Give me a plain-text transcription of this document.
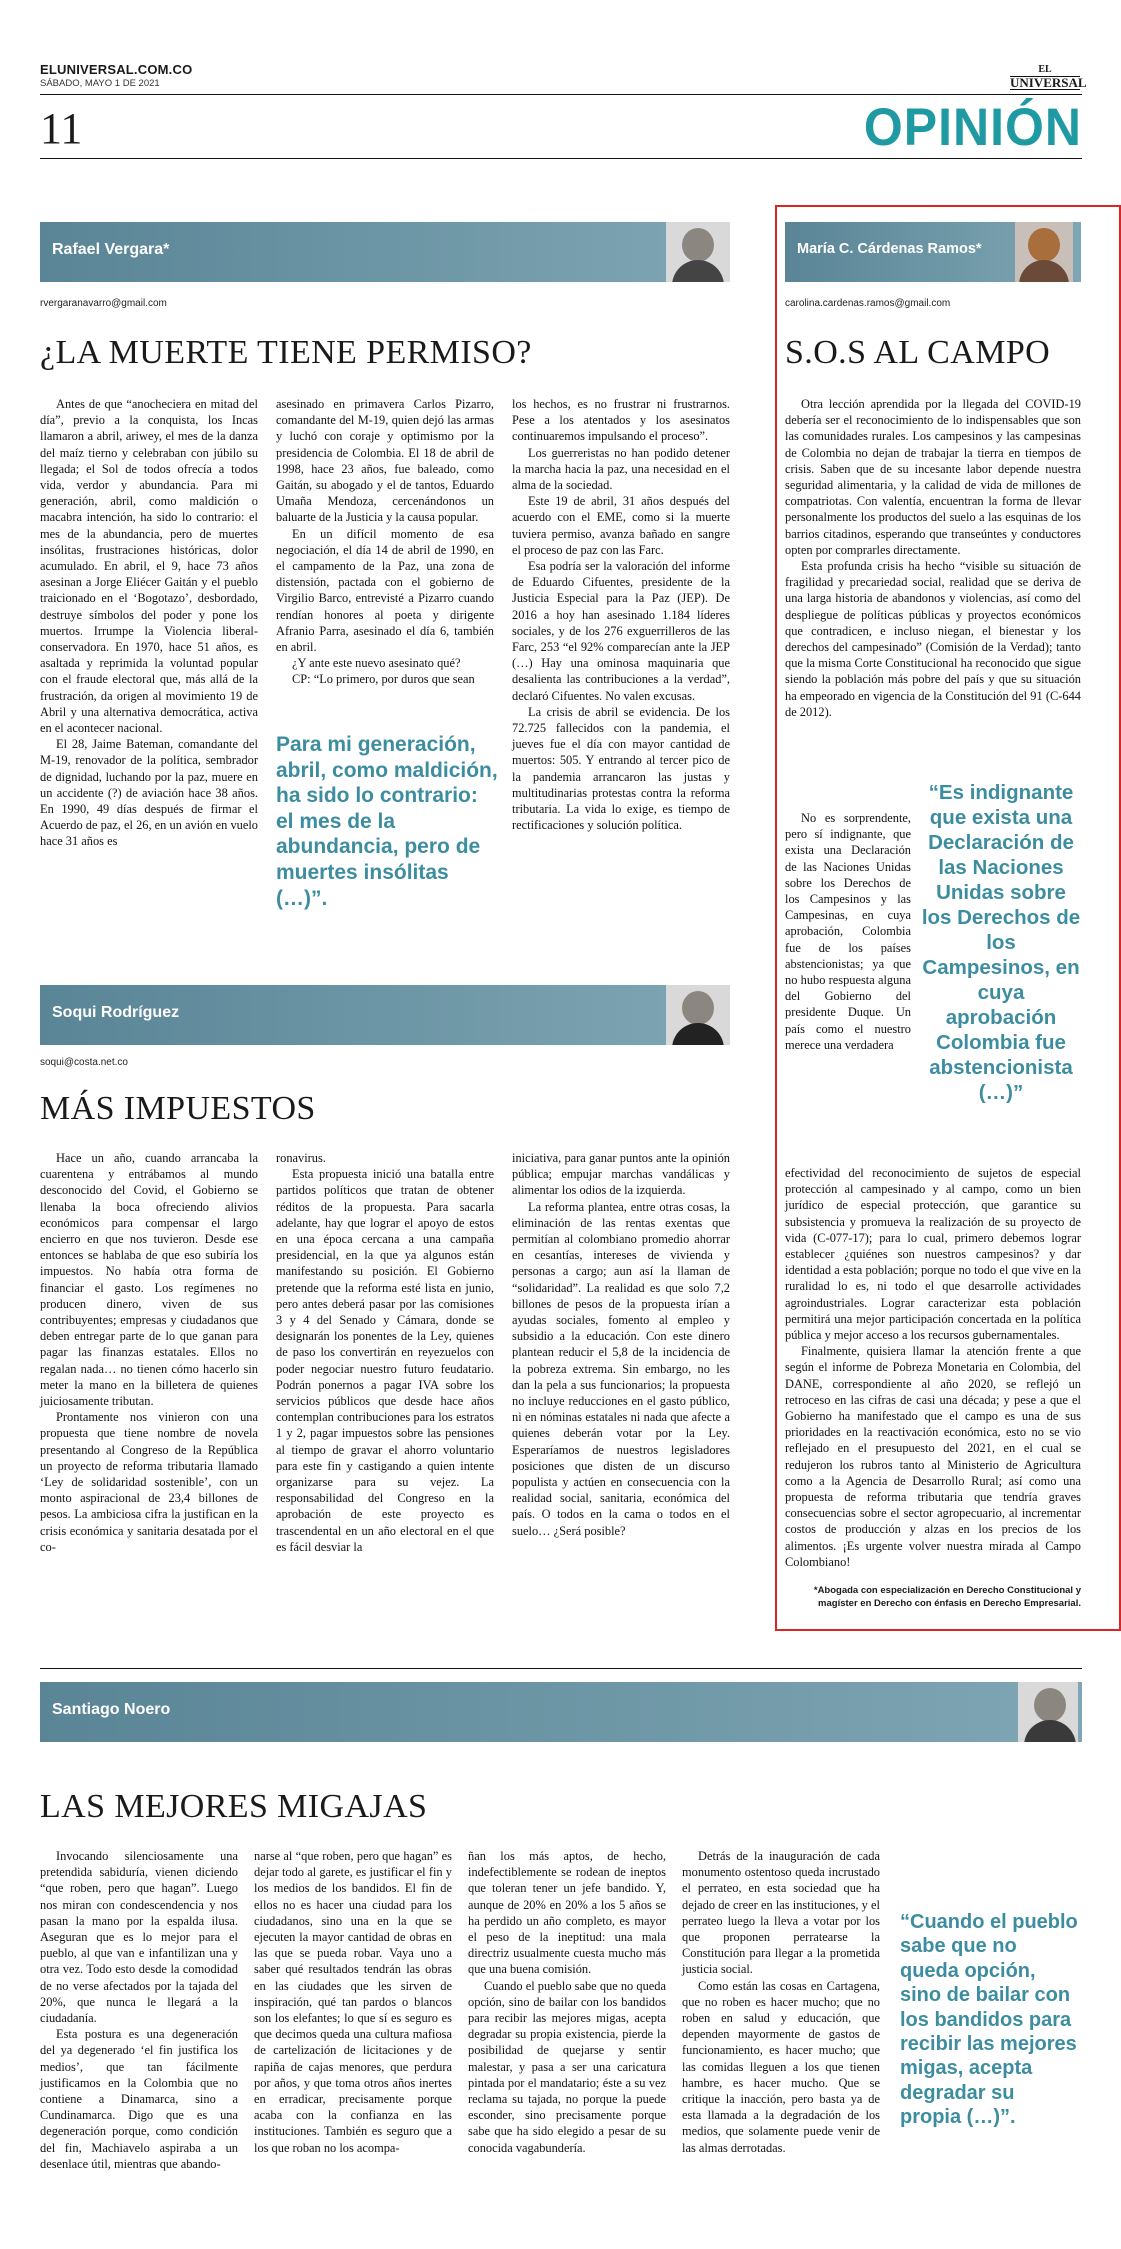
ELUNIVERSAL.COM.CO
SÁBADO, MAYO 1 DE 2021
EL
UNIVERSAL
11	OPINIÓN
Rafael Vergara*
rvergaranavarro@gmail.com
¿LA MUERTE TIENE PERMISO?

Antes de que “anocheciera en mitad del día”, previo a la conquista, los Incas llamaron a abril, ariwey, el mes de la danza del maíz tierno y celebraban con júbilo su llegada; el Sol de todos ofrecía a todos vida, verdor y abundancia. Para mi generación, abril, como maldición o macabra intención, ha sido lo contrario: el mes de la abundancia, pero de muertes insólitas, frustraciones históricas, dolor acumulado. En abril, el 9, hace 73 años asesinan a Jorge Eliécer Gaitán y el pueblo traicionado en el ‘Bogotazo’, desbordado, destruye símbolos del poder y pone los muertos. Irrumpe la Violencia liberal-conservadora. En 1970, hace 51 años, es asaltada y reprimida la voluntad popular con el fraude electoral que, más allá de la frustración, da origen al movimiento 19 de Abril y una alternativa democrática, activa en el acontecer nacional.

El 28, Jaime Bateman, comandante del M-19, renovador de la política, sembrador de dignidad, luchando por la paz, muere en un accidente (?) de aviación hace 38 años. En 1990, 49 días después de firmar el Acuerdo de paz, el 26, en un avión en vuelo hace 31 años es

asesinado en primavera Carlos Pizarro, comandante del M-19, quien dejó las armas y luchó con coraje y optimismo por la presidencia de Colombia. El 18 de abril de 1998, hace 23 años, fue baleado, como Gaitán, su abogado y el de tantos, Eduardo Umaña Mendoza, cercenándonos un baluarte de la Justicia y la causa popular.

En un difícil momento de esa negociación, el día 14 de abril de 1990, en el campamento de la Paz, una zona de distensión, pactada con el gobierno de Virgilio Barco, entrevisté a Pizarro cuando rendían honores al poeta y dirigente Afranio Parra, asesinado el día 6, también en abril.

¿Y ante este nuevo asesinato qué?

CP: “Lo primero, por duros que sean

Para mi generación, abril, como maldición, ha sido lo contrario: el mes de la abundancia, pero de muertes insólitas (…)”.

los hechos, es no frustrar ni frustrarnos. Pese a los atentados y los asesinatos continuaremos impulsando el proceso”.

Los guerreristas no han podido detener la marcha hacia la paz, una necesidad en el alma de la sociedad.

Este 19 de abril, 31 años después del acuerdo con el EME, como si la muerte tuviera permiso, avanza bañado en sangre el proceso de paz con las Farc.

Esa podría ser la valoración del informe de Eduardo Cifuentes, presidente de la Justicia Especial para la Paz (JEP). De 2016 a hoy han asesinado 1.184 líderes sociales, y de los 276 exguerrilleros de las Farc, 253 “el 92% comparecían ante la JEP (…) Hay una ominosa maquinaria que desalienta las contribuciones a la verdad”, declaró Cifuentes. No valen excusas.

La crisis de abril se evidencia. De los 72.725 fallecidos con la pandemia, el jueves fue el día con mayor cantidad de muertos: 505. Y entrando al tercer pico de la pandemia arrancaron las justas y multitudinarias protestas contra la reforma tributaria. La vida lo exige, es tiempo de rectificaciones y solución política.

Soqui Rodríguez
soqui@costa.net.co
MÁS IMPUESTOS

Hace un año, cuando arrancaba la cuarentena y entrábamos al mundo desconocido del Covid, el Gobierno se llenaba la boca ofreciendo alivios económicos para compensar el largo encierro en que nos tuvieron. Desde ese entonces se hablaba de que eso subiría los impuestos. No había otra forma de financiar el gasto. Los regímenes no producen dinero, viven de sus contribuyentes; empresas y ciudadanos que deben entregar parte de lo que ganan para pagar las finanzas estatales. Ellos no regalan nada… no tienen cómo hacerlo sin meter la mano en la billetera de quienes juiciosamente tributan.

Prontamente nos vinieron con una propuesta que tiene nombre de novela presentando al Congreso de la República un proyecto de reforma tributaria llamado ‘Ley de solidaridad sostenible’, con un monto aspiracional de 23,4 billones de pesos. La ambiciosa cifra la justifican en la crisis económica y sanitaria desatada por el co-

ronavirus.

Esta propuesta inició una batalla entre partidos políticos que tratan de obtener réditos de la propuesta. Para sacarla adelante, hay que lograr el apoyo de estos en una época cercana a una campaña presidencial, en la que ya algunos están manifestando su posición. El Gobierno pretende que la reforma esté lista en junio, pero antes deberá pasar por las comisiones 3 y 4 del Senado y Cámara, donde se designarán los ponentes de la Ley, quienes de paso los convertirán en reyezuelos con poder negociar nuestro futuro feudatario. Podrán ponernos a pagar IVA sobre los servicios públicos que desde hace años contemplan contribuciones para los estratos 1 y 2, pagar impuestos sobre las pensiones al tiempo de gravar el ahorro voluntario para este fin y castigando a quien intente organizarse para su vejez. La responsabilidad del Congreso en la aprobación de este proyecto es trascendental en un año electoral en el que es fácil desviar la

iniciativa, para ganar puntos ante la opinión pública; empujar marchas vandálicas y alimentar los odios de la izquierda.

La reforma plantea, entre otras cosas, la eliminación de las rentas exentas que permitían al colombiano promedio ahorrar en cesantías, intereses de vivienda y personas a cargo; aun así la llaman de “solidaridad”. La realidad es que solo 7,2 billones de pesos de la propuesta irían a ayudas sociales, fomento al empleo y subsidio a la educación. Con este dinero plantean reducir el 5,8 de la incidencia de la pobreza extrema. Sin embargo, no les dan la pela a sus funcionarios; la propuesta no incluye reducciones en el gasto público, ni en nóminas estatales ni nada que afecte a quienes deberán votar por la Ley. Esperaríamos de nuestros legisladores posiciones que disten de un discurso populista y actúen en consecuencia con la realidad social, sanitaria, económica del país. O todos en la cama o todos en el suelo… ¿Será posible?

María C. Cárdenas Ramos*
carolina.cardenas.ramos@gmail.com
S.O.S AL CAMPO

Otra lección aprendida por la llegada del COVID-19 debería ser el reconocimiento de lo indispensables que son las comunidades rurales. Los campesinos y las campesinas de Colombia no dejan de trabajar la tierra en tiempos de crisis. Saben que de su incesante labor depende nuestra seguridad alimentaria, y la calidad de vida de millones de compatriotas. Con valentía, encuentran la forma de llevar personalmente los productos del suelo a las esquinas de los barrios citadinos, esperando que transeúntes y conductores opten por comprarles directamente.

Esta profunda crisis ha hecho “visible su situación de fragilidad y precariedad social, realidad que se deriva de una larga historia de abandonos y violencias, así como del despliegue de políticas públicas y proyectos económicos que contradicen, e incluso niegan, el bienestar y los derechos del campesinado” (Comisión de la Verdad); tanto que la misma Corte Constitucional ha reconocido que sigue siendo la población más pobre del país y que su situación ha empeorado en vigencia de la Constitución del 91 (C-644 de 2012).

No es sorprendente, pero sí indignante, que exista una Declaración de las Naciones Unidas sobre los Derechos de los Campesinos y las Campesinas, en cuya aprobación, Colombia fue de los países abstencionistas; ya que no hubo respuesta alguna del Gobierno del presidente Duque. Un país como el nuestro merece una verdadera

“Es indignante que exista una Declaración de las Naciones Unidas sobre los Derechos de los Campesinos, en cuya aprobación Colombia fue abstencionista (…)”

efectividad del reconocimiento de sujetos de especial protección al campesinado y al campo, como un bien jurídico de especial protección, que garantice su subsistencia y promueva la realización de su proyecto de vida (C-077-17); para lo cual, primero debemos lograr establecer ¿quiénes son nuestros campesinos? y dar identidad a esta población; porque no todo el que vive en la ruralidad lo es, ni todo el que desarrolle actividades agroindustriales. Lograr caracterizar esta población permitirá una mejor participación concertada en la política pública y mejor acceso a los recursos gubernamentales.

Finalmente, quisiera llamar la atención frente a que según el informe de Pobreza Monetaria en Colombia, del DANE, correspondiente al año 2020, se reflejó un retroceso en las cifras de casi una década; y pese a que el Gobierno ha manifestado que el campo es una de sus prioridades en la reactivación económica, esto no se vio reflejado en el presupuesto del 2021, en el cual se redujeron los rubros tanto al Ministerio de Agricultura como a la Agencia de Desarrollo Rural; así como una propuesta de reforma tributaria que tendría graves consecuencias sobre el sector agropecuario, al incrementar costos de producción y alzas en los precios de los alimentos. ¡Es urgente volver nuestra mirada al Campo Colombiano!

*Abogada con especialización en Derecho Constitucional y magíster en Derecho con énfasis en Derecho Empresarial.
Santiago Noero
LAS MEJORES MIGAJAS

Invocando silenciosamente una pretendida sabiduría, vienen diciendo “que roben, pero que hagan”. Luego nos miran con condescendencia y nos pasan la mano por la espalda ilusa. Aseguran que es lo mejor para el pueblo, al que van e infantilizan una y otra vez. Todo esto desde la comodidad de no verse afectados por la tajada del 20%, que nunca le llegará a la ciudadanía.

Esta postura es una degeneración del ya degenerado ‘el fin justifica los medios’, que tan fácilmente justificamos en la Colombia que no contiene a Dinamarca, sino a Cundinamarca. Digo que es una degeneración porque, como condición del fin, Machiavelo aspiraba a un desenlace útil, mientras que abando-

narse al “que roben, pero que hagan” es dejar todo al garete, es justificar el fin y los medios de los bandidos. El fin de ellos no es hacer una ciudad para los ciudadanos, sino una en la que se ejecuten la mayor cantidad de obras en las que se pueda robar. Vaya uno a saber qué resultados tendrán las obras en las ciudades que les sirven de inspiración, qué tan pardos o blancos son los elefantes; lo que sí es seguro es que decimos queda una cultura mafiosa de cartelización de licitaciones y de rapiña de cajas menores, que perdura por años, y que toma otros años inertes en erradicar, precisamente porque acaba con la confianza en las instituciones. También es seguro que a los que roban no los acompa-

ñan los más aptos, de hecho, indefectiblemente se rodean de ineptos que toleran tener un jefe bandido. Y, aunque de 20% en 20% a los 5 años se ha perdido un año completo, es mayor el peso de la ineptitud: una mala directriz usualmente cuesta mucho más que una buena comisión.

Cuando el pueblo sabe que no queda opción, sino de bailar con los bandidos para recibir las mejores migas, acepta degradar su propia existencia, pierde la posibilidad de quejarse y sentir malestar, y pasa a ser una caricatura pintada por el mandatario; éste a su vez reclama su tajada, no porque la puede esconder, sino precisamente porque sabe que ha sido elegido a pesar de su conocida vagabundería.

Detrás de la inauguración de cada monumento ostentoso queda incrustado el perrateo, en esta sociedad que ha dejado de creer en las instituciones, y el perrateo luego la lleva a votar por los que proponen perratearse la Constitución para llegar a la prometida justicia social.

Como están las cosas en Cartagena, que no roben es hacer mucho; que no roben en salud y educación, que dependen mayormente de gastos de funcionamiento, es hacer mucho; que las comidas lleguen a los que tienen hambre, es hacer mucho. Que se critique la inacción, pero basta ya de esta llamada a la degradación de los medios, que solamente puede venir de las almas derrotadas.

“Cuando el pueblo sabe que no queda opción, sino de bailar con los bandidos para recibir las mejores migas, acepta degradar su propia (…)”.
